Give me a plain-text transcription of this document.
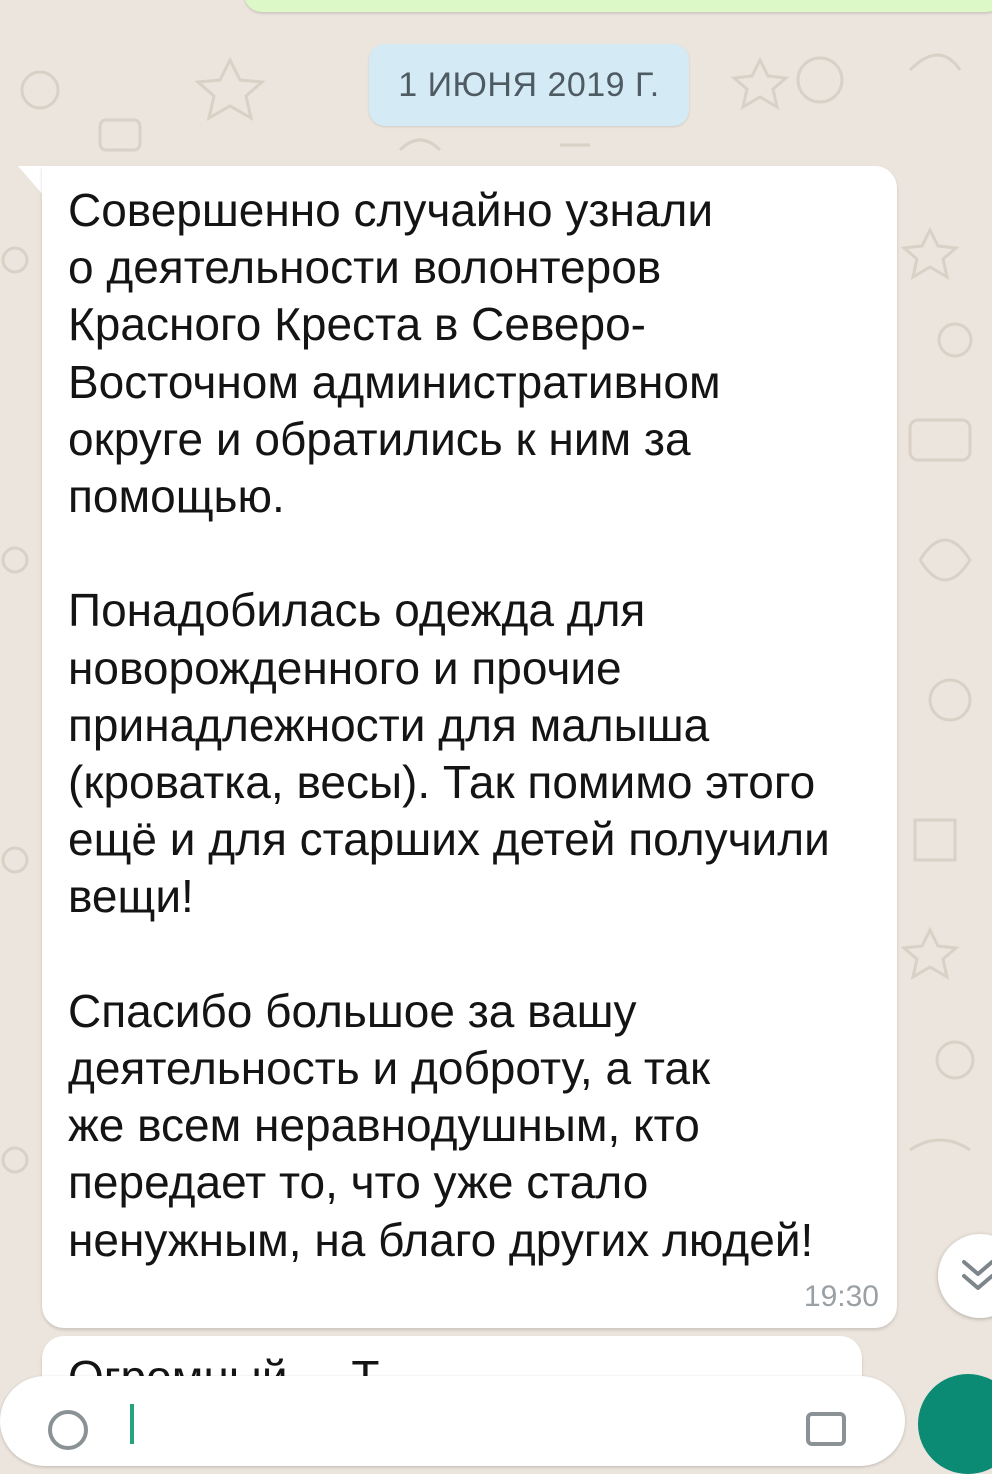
1 ИЮНЯ 2019 Г.

Совершенно случайно узнали
о деятельности волонтеров
Красного Креста в Северо-
Восточном административном
округе и обратились к ним за
помощью.

Понадобилась одежда для
новорожденного и прочие
принадлежности для малыша
(кроватка, весы). Так помимо этого
ещё и для старших детей получили
вещи!

Спасибо большое за вашу
деятельность и доброту, а так
же всем неравнодушным, кто
передает то, что уже стало
ненужным, на благо других людей!

19:30
